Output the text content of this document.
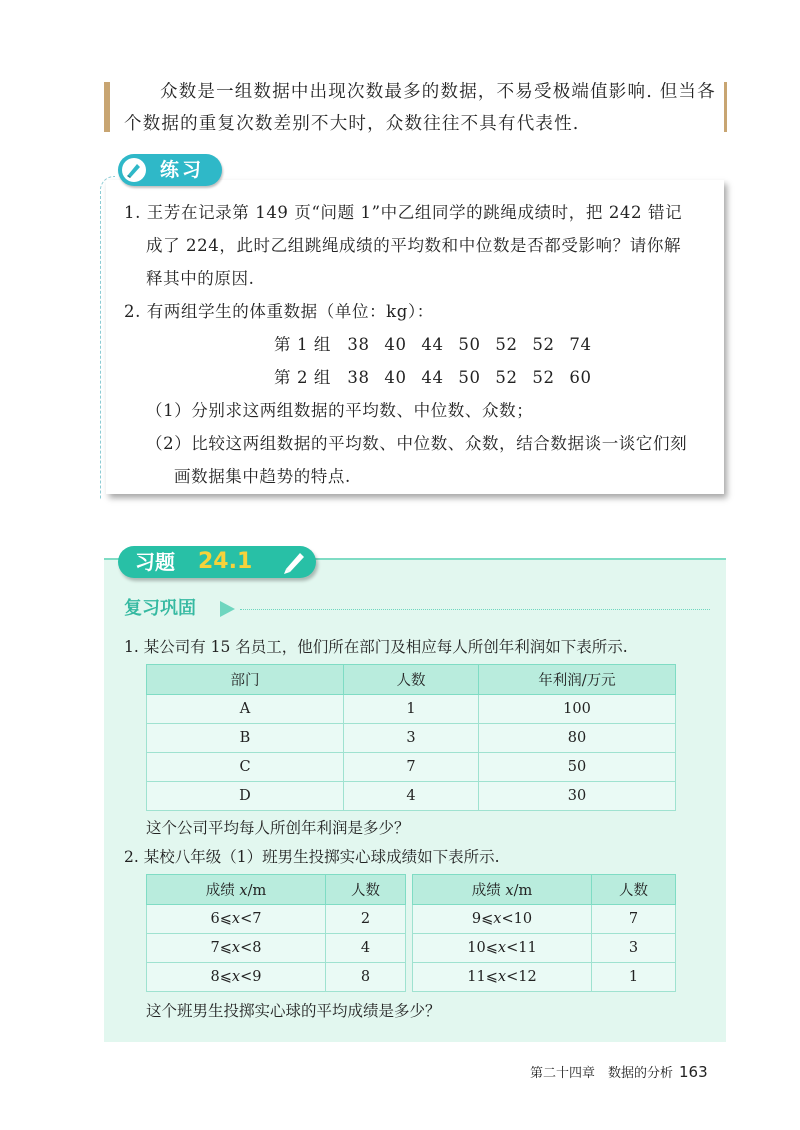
众数是一组数据中出现次数最多的数据，不易受极端值影响. 但当各

个数据的重复次数差别不大时，众数往往不具有代表性.

练习

1. 王芳在记录第 149 页“问题 1”中乙组同学的跳绳成绩时，把 242 错记

成了 224，此时乙组跳绳成绩的平均数和中位数是否都受影响？请你解

释其中的原因.

2. 有两组学生的体重数据（单位：kg）：

第 1 组 38 40 44 50 52 52 74
第 2 组 38 40 44 50 52 52 60

（1）分别求这两组数据的平均数、中位数、众数；

（2）比较这两组数据的平均数、中位数、众数，结合数据谈一谈它们刻

画数据集中趋势的特点.

习题 24.1
复习巩固
1. 某公司有 15 名员工，他们所在部门及相应每人所创年利润如下表所示.
部门	人数	年利润/万元
A	1	100
B	3	80
C	7	50
D	4	30
这个公司平均每人所创年利润是多少？
2. 某校八年级（1）班男生投掷实心球成绩如下表所示.
成绩 x/m	人数
6⩽x<7	2
7⩽x<8	4
8⩽x<9	8
成绩 x/m	人数
9⩽x<10	7
10⩽x<11	3
11⩽x<12	1
这个班男生投掷实心球的平均成绩是多少？
第二十四章　数据的分析 163
